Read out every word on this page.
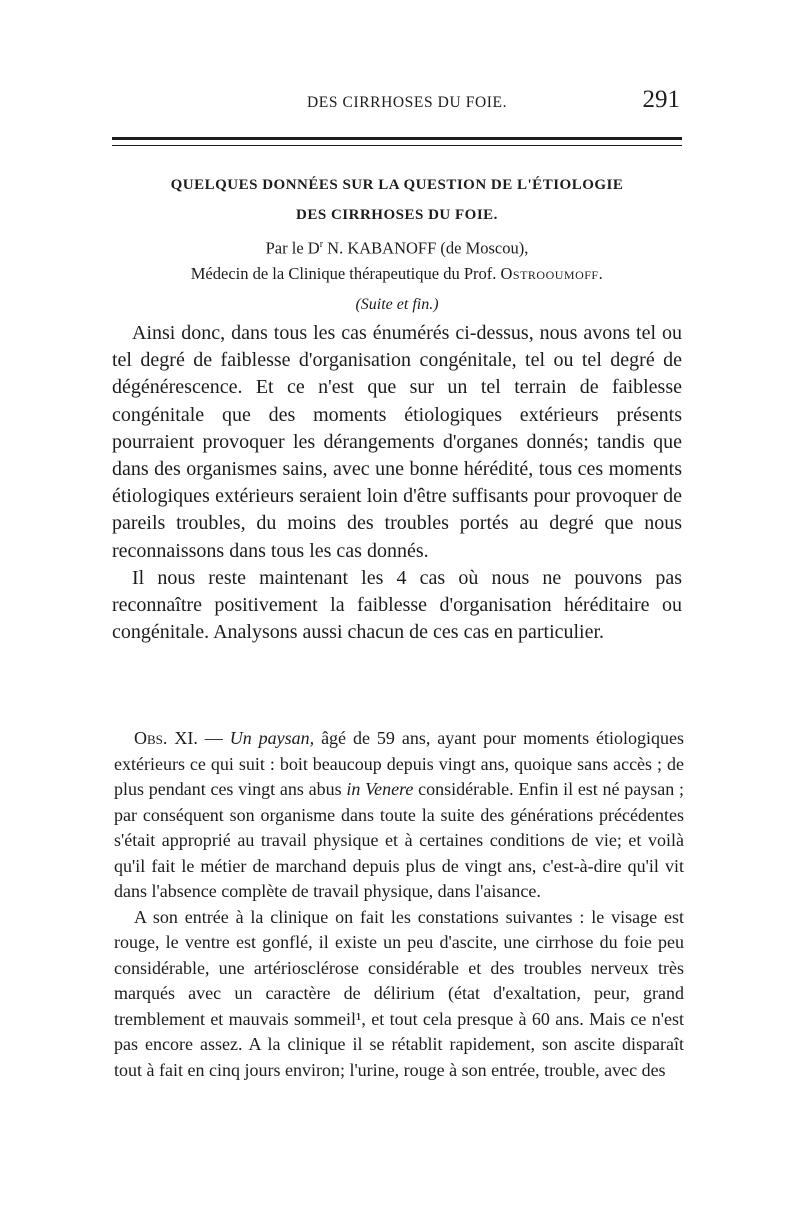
DES CIRRHOSES DU FOIE.	291
QUELQUES DONNÉES SUR LA QUESTION DE L'ÉTIOLOGIE
DES CIRRHOSES DU FOIE.
Par le $D^r$ N. KABANOFF (de Moscou),
Médecin de la Clinique thérapeutique du Prof. Ostrooumoff.
(Suite et fin.)

Ainsi donc, dans tous les cas énumérés ci-dessus, nous avons tel ou tel degré de faiblesse d'organisation congénitale, tel ou tel degré de dégénérescence. Et ce n'est que sur un tel terrain de faiblesse congénitale que des moments étiologiques extérieurs présents pourraient provoquer les dérangements d'organes donnés; tandis que dans des organismes sains, avec une bonne hérédité, tous ces moments étiologiques extérieurs seraient loin d'être suffisants pour provoquer de pareils troubles, du moins des troubles portés au degré que nous reconnaissons dans tous les cas donnés.

Il nous reste maintenant les 4 cas où nous ne pouvons pas reconnaître positivement la faiblesse d'organisation héréditaire ou congénitale. Analysons aussi chacun de ces cas en particulier.

Obs. XI. — Un paysan, âgé de 59 ans, ayant pour moments étiologiques extérieurs ce qui suit : boit beaucoup depuis vingt ans, quoique sans accès ; de plus pendant ces vingt ans abus in Venere considérable. Enfin il est né paysan ; par conséquent son organisme dans toute la suite des générations précédentes s'était approprié au travail physique et à certaines conditions de vie; et voilà qu'il fait le métier de marchand depuis plus de vingt ans, c'est-à-dire qu'il vit dans l'absence complète de travail physique, dans l'aisance.

A son entrée à la clinique on fait les constations suivantes : le visage est rouge, le ventre est gonflé, il existe un peu d'ascite, une cirrhose du foie peu considérable, une artériosclérose considérable et des troubles nerveux très marqués avec un caractère de délirium (état d'exaltation, peur, grand tremblement et mauvais sommeil¹, et tout cela presque à 60 ans. Mais ce n'est pas encore assez. A la clinique il se rétablit rapidement, son ascite disparaît tout à fait en cinq jours environ; l'urine, rouge à son entrée, trouble, avec des
